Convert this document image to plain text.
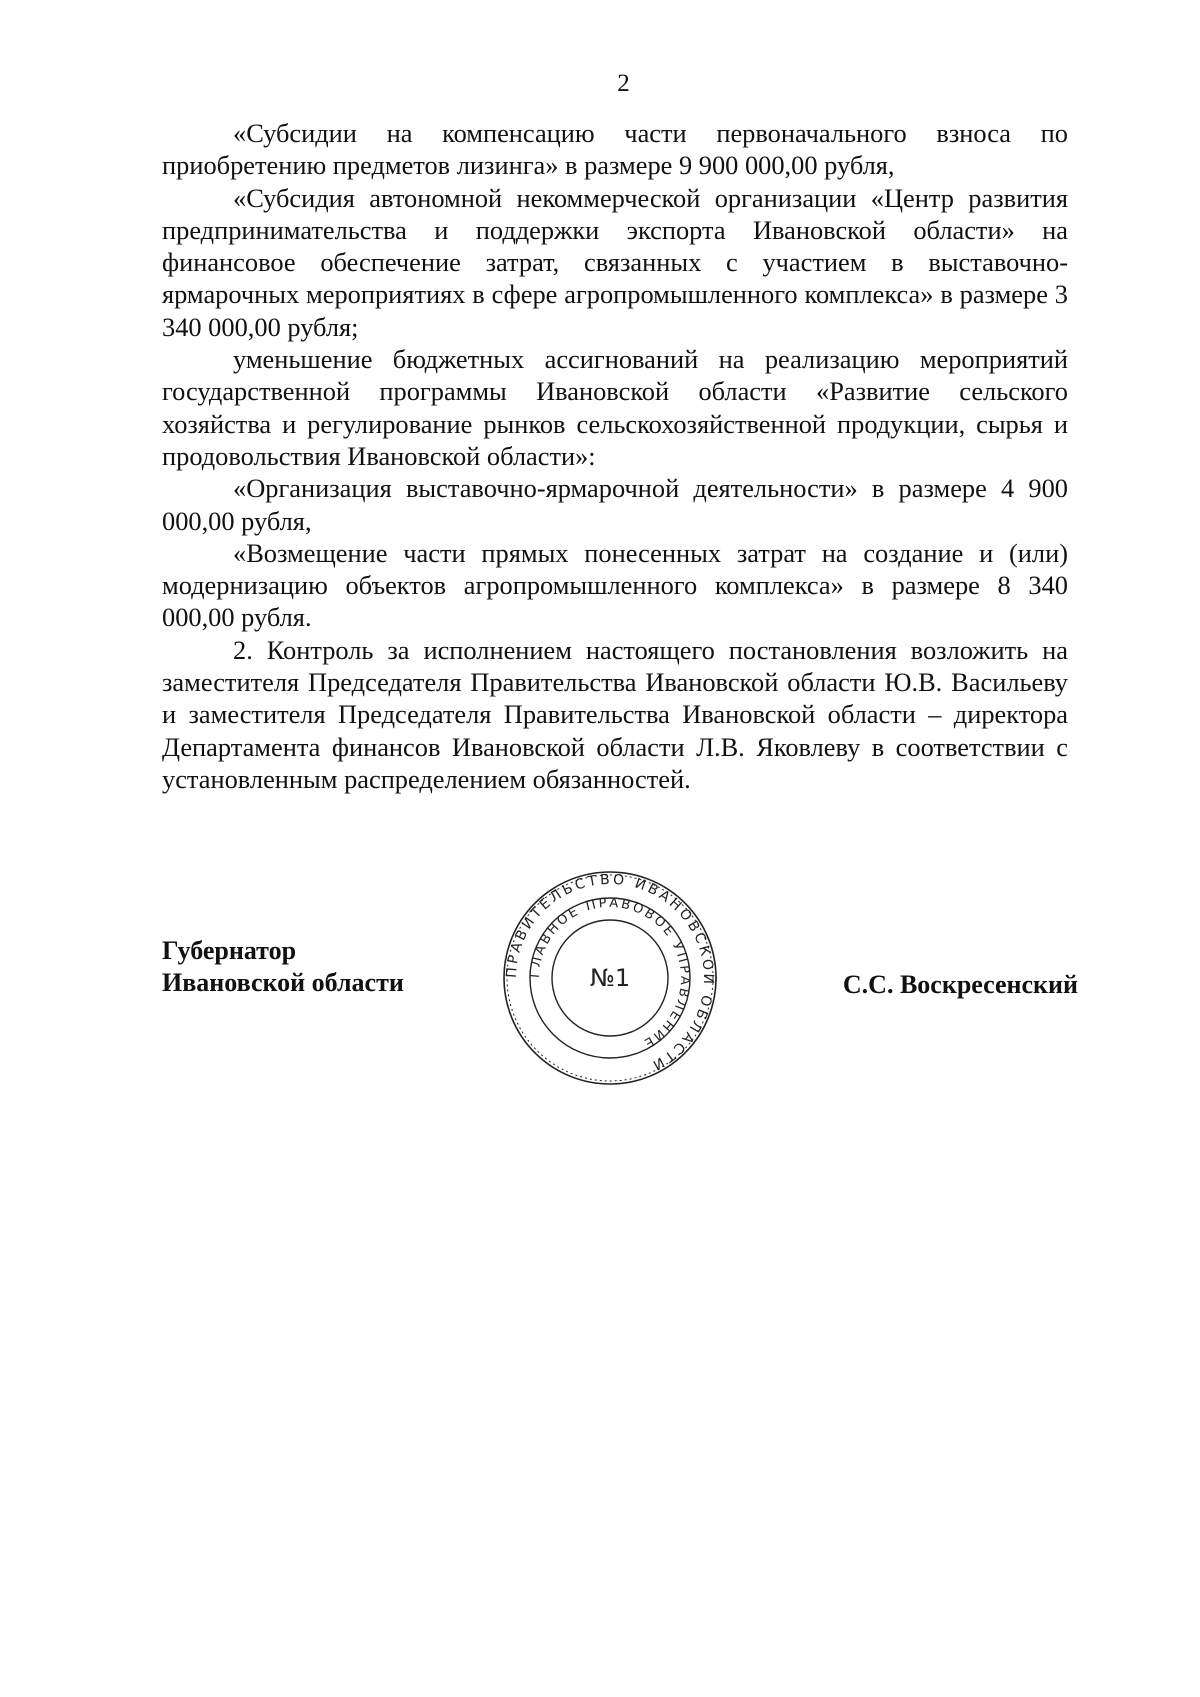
2

«Субсидии на компенсацию части первоначального взноса по приобретению предметов лизинга» в размере 9 900 000,00 рубля,

«Субсидия автономной некоммерческой организации «Центр развития предпринимательства и поддержки экспорта Ивановской области» на финансовое обеспечение затрат, связанных с участием в выставочно-ярмарочных мероприятиях в сфере агропромышленного комплекса» в размере 3 340 000,00 рубля;

уменьшение бюджетных ассигнований на реализацию мероприятий государственной программы Ивановской области «Развитие сельского хозяйства и регулирование рынков сельскохозяйственной продукции, сырья и продовольствия Ивановской области»:

«Организация выставочно-ярмарочной деятельности» в размере 4 900 000,00 рубля,

«Возмещение части прямых понесенных затрат на создание и (или) модернизацию объектов агропромышленного комплекса» в размере 8 340 000,00 рубля.

2. Контроль за исполнением настоящего постановления возложить на заместителя Председателя Правительства Ивановской области Ю.В. Васильеву и заместителя Председателя Правительства Ивановской области – директора Департамента финансов Ивановской области Л.В. Яковлеву в соответствии с установленным распределением обязанностей.

Губернатор
Ивановской области	С.С. Воскресенский
ПРАВИТЕЛЬСТВО ИВАНОВСКОЙ ОБЛАСТИ
ГЛАВНОЕ ПРАВОВОЕ УПРАВЛЕНИЕ
№1
